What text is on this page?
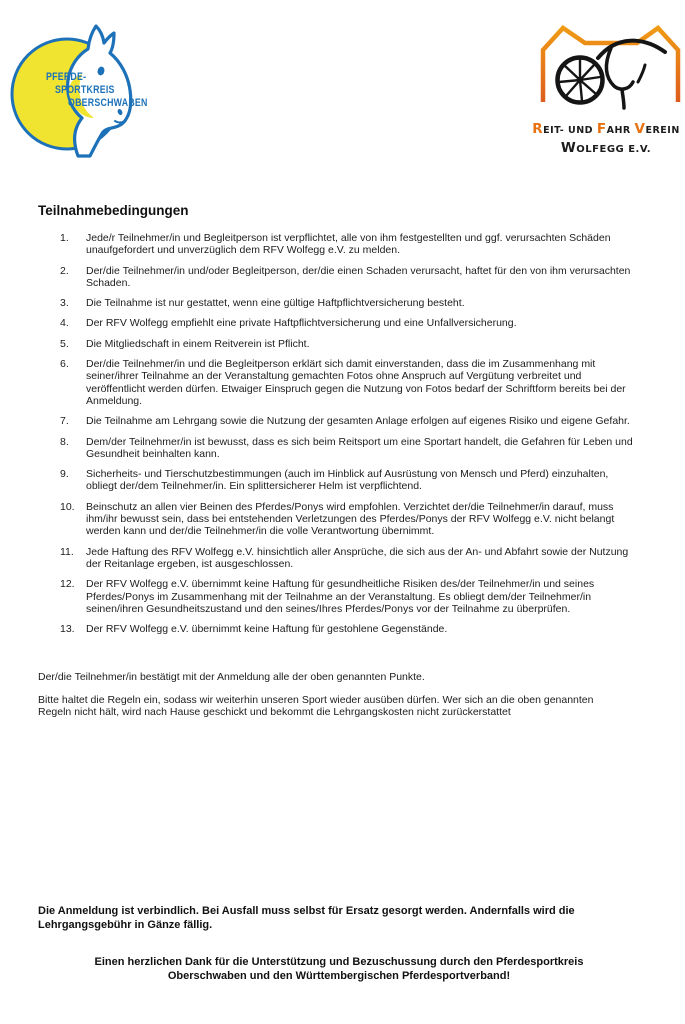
PFERDE-
SPORTKREIS
OBERSCHWABEN
REIT- UND FAHR VEREIN
WOLFEGG E.V.
Teilnahmebedingungen
1.	Jede/r Teilnehmer/in und Begleitperson ist verpflichtet, alle von ihm festgestellten und ggf. verursachten Schäden unaufgefordert und unverzüglich dem RFV Wolfegg e.V. zu melden.
2.	Der/die Teilnehmer/in und/oder Begleitperson, der/die einen Schaden verursacht, haftet für den von ihm verursachten Schaden.
3.	Die Teilnahme ist nur gestattet, wenn eine gültige Haftpflichtversicherung besteht.
4.	Der RFV Wolfegg empfiehlt eine private Haftpflichtversicherung und eine Unfallversicherung.
5.	Die Mitgliedschaft in einem Reitverein ist Pflicht.
6.	Der/die Teilnehmer/in und die Begleitperson erklärt sich damit einverstanden, dass die im Zusammenhang mit seiner/ihrer Teilnahme an der Veranstaltung gemachten Fotos ohne Anspruch auf Vergütung verbreitet und veröffentlicht werden dürfen. Etwaiger Einspruch gegen die Nutzung von Fotos bedarf der Schriftform bereits bei der Anmeldung.
7.	Die Teilnahme am Lehrgang sowie die Nutzung der gesamten Anlage erfolgen auf eigenes Risiko und eigene Gefahr.
8.	Dem/der Teilnehmer/in ist bewusst, dass es sich beim Reitsport um eine Sportart handelt, die Gefahren für Leben und Gesundheit beinhalten kann.
9.	Sicherheits- und Tierschutzbestimmungen (auch im Hinblick auf Ausrüstung von Mensch und Pferd) einzuhalten, obliegt der/dem Teilnehmer/in. Ein splittersicherer Helm ist verpflichtend.
10.	Beinschutz an allen vier Beinen des Pferdes/Ponys wird empfohlen. Verzichtet der/die Teilnehmer/in darauf, muss ihm/ihr bewusst sein, dass bei entstehenden Verletzungen des Pferdes/Ponys der RFV Wolfegg e.V. nicht belangt werden kann und der/die Teilnehmer/in die volle Verantwortung übernimmt.
11.	Jede Haftung des RFV Wolfegg e.V. hinsichtlich aller Ansprüche, die sich aus der An- und Abfahrt sowie der Nutzung der Reitanlage ergeben, ist ausgeschlossen.
12.	Der RFV Wolfegg e.V. übernimmt keine Haftung für gesundheitliche Risiken des/der Teilnehmer/in und seines Pferdes/Ponys im Zusammenhang mit der Teilnahme an der Veranstaltung. Es obliegt dem/der Teilnehmer/in seinen/ihren Gesundheitszustand und den seines/Ihres Pferdes/Ponys vor der Teilnahme zu überprüfen.
13.	Der RFV Wolfegg e.V. übernimmt keine Haftung für gestohlene Gegenstände.

Der/die Teilnehmer/in bestätigt mit der Anmeldung alle der oben genannten Punkte.

Bitte haltet die Regeln ein, sodass wir weiterhin unseren Sport wieder ausüben dürfen. Wer sich an die oben genannten Regeln nicht hält, wird nach Hause geschickt und bekommt die Lehrgangskosten nicht zurückerstattet

Die Anmeldung ist verbindlich. Bei Ausfall muss selbst für Ersatz gesorgt werden. Andernfalls wird die Lehrgangsgebühr in Gänze fällig.

Einen herzlichen Dank für die Unterstützung und Bezuschussung durch den Pferdesportkreis Oberschwaben und den Württembergischen Pferdesportverband!
